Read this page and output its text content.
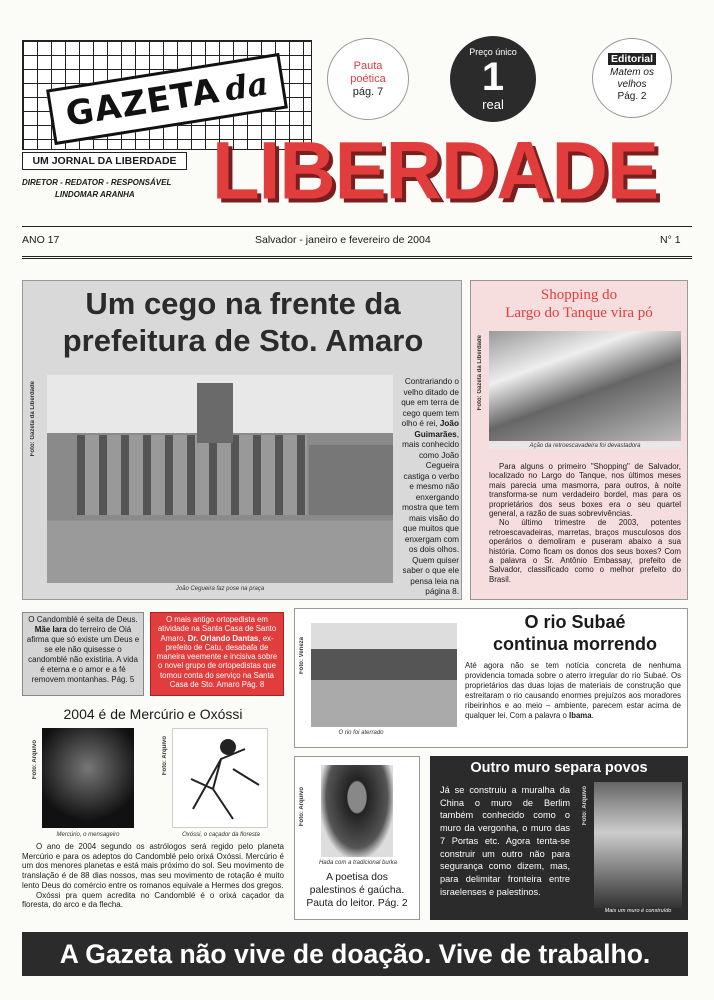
GAZETA da
UM JORNAL DA LIBERDADE
DIRETOR - REDATOR - RESPONSÁVEL
LINDOMAR ARANHA
Pauta
poética
pág. 7
Preço único
1
real
Editorial
Matem os
velhos
Pág. 2
LIBERDADE
ANO 17	Salvador - janeiro e fevereiro de 2004	N° 1
Um cego na frente da prefeitura de Sto. Amaro
Foto: Gazeta da Liberdade
João Cegueira faz pose na praça
Contrariando o velho ditado de que em terra de cego quem tem olho é rei, João Guimarães, mais conhecido como João Cegueira castiga o verbo e mesmo não enxergando mostra que tem mais visão do que muitos que enxergam com os dois olhos. Quem quiser saber o que ele pensa leia na página 8.
Shopping do
Largo do Tanque vira pó
Foto: Gazeta da Liberdade
Ação da retroescavadeira foi devastadora

Para alguns o primeiro "Shopping" de Salvador, localizado no Largo do Tanque, nos últimos meses mais parecia uma masmorra, para outros, à noite transforma-se num verdadeiro bordel, mas para os proprietários dos seus boxes era o seu quartel general, a razão de suas sobrevivências.

No último trimestre de 2003, potentes retroescavadeiras, marretas, braços musculosos dos operários o demoliram e puseram abaixo a sua história. Como ficam os donos dos seus boxes? Com a palavra o Sr. Antônio Embassay, prefeito de Salvador, classificado como o melhor prefeito do Brasil.

O Candomblé é seita de Deus. Mãe Iara do terreiro de Oiá afirma que só existe um Deus e se ele não quisesse o candomblé não existiria. A vida é eterna e o amor e a fé removem montanhas. Pág. 5
O mais antigo ortopedista em atividade na Santa Casa de Santo Amaro, Dr. Orlando Dantas, ex-prefeito de Catu, desabafa de maneira veemente e incisiva sobre o novel grupo de ortopedistas que tomou conta do serviço na Santa Casa de Sto. Amaro Pág. 8
2004 é de Mercúrio e Oxóssi
Foto: Arquivo	Foto: Arquivo
Mercúrio, o mensageiro	Oxóssi, o caçador da floresta

O ano de 2004 segundo os astrólogos será regido pelo planeta Mercúrio e para os adeptos do Candomblé pelo orixá Oxóssi. Mercúrio é um dos menores planetas e está mais próximo do sol. Seu movimento de translação é de 88 dias nossos, mas seu movimento de rotação é muito lento Deus do comércio entre os romanos equivale a Hermes dos gregos.

Oxóssi pra quem acredita no Candomblé é o orixá caçador da floresta, do arco e da flecha.

Foto: Veneza
O rio foi aterrado
O rio Subaé
continua morrendo
Até agora não se tem notícia concreta de nenhuma providencia tomada sobre o aterro irregular do rio Subaé. Os proprietários das duas lojas de materiais de construção que estreitaram o rio causando enormes prejuízos aos moradores ribeirinhos e ao meio – ambiente, parecem estar acima de qualquer lei. Com a palavra o Ibama.
Foto: Arquivo
Hada com a tradicional burka
A poetisa dos
palestinos é gaúcha.
Pauta do leitor. Pág. 2
Outro muro separa povos
Já se construiu a muralha da China o muro de Berlim também conhecido como o muro da vergonha, o muro das 7 Portas etc. Agora tenta-se construir um outro não para segurança como dizem, mas, para delimitar fronteira entre israelenses e palestinos.
Foto: Arquivo
Mais um muro é construído
A Gazeta não vive de doação. Vive de trabalho.
